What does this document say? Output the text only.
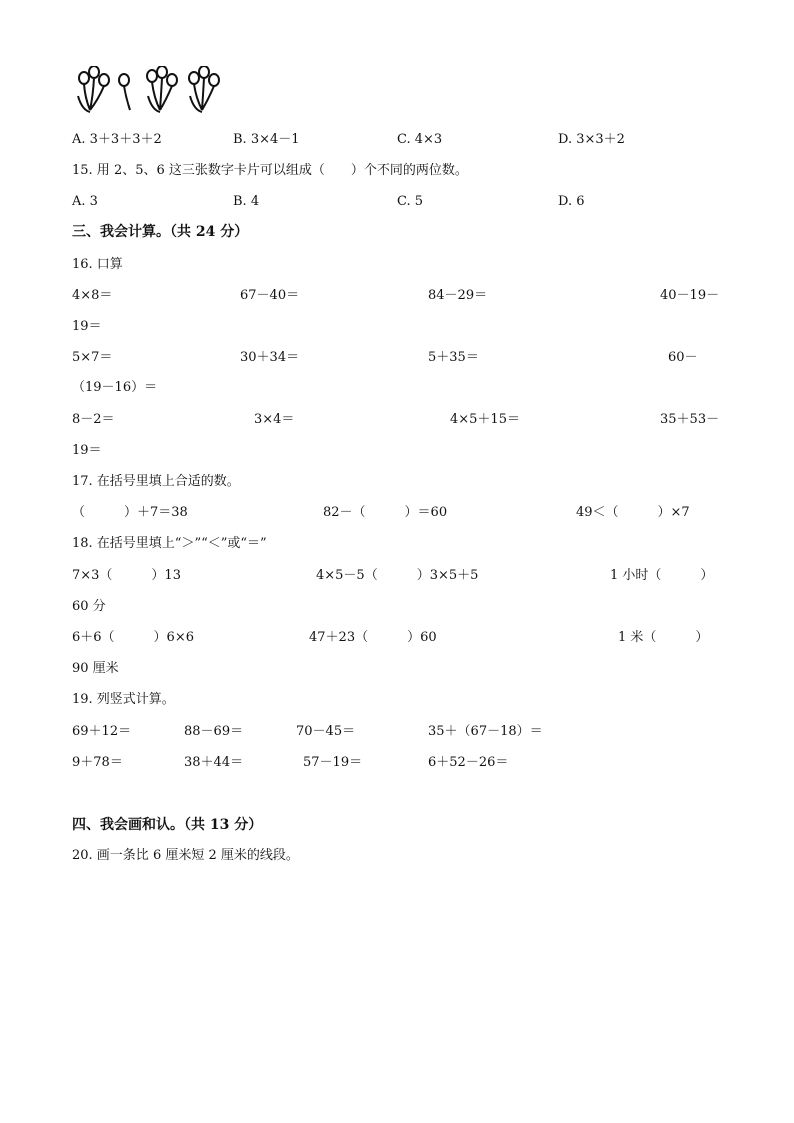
A. 3＋3＋3＋2	B. 3×4－1	C. 4×3	D. 3×3＋2
15. 用 2、5、6 这三张数字卡片可以组成（　　）个不同的两位数。
A. 3	B. 4	C. 5	D. 6
三、我会计算。（共 24 分）
16. 口算
4×8＝	67－40＝	84－29＝	40－19－
19＝
5×7＝	30＋34＝	5＋35＝	60－
（19－16）＝
8－2＝	3×4＝	4×5＋15＝	35＋53－
19＝
17. 在括号里填上合适的数。
（　　　）＋7＝38	82－（　　　）＝60	49＜（　　　）×7
18. 在括号里填上“＞”“＜”或“＝”
7×3（　　　）13	4×5－5（　　　）3×5＋5	1 小时（　　　）
60 分
6＋6（　　　）6×6	47＋23（　　　）60	1 米（　　　）
90 厘米
19. 列竖式计算。
69＋12＝	88－69＝	70－45＝	35＋（67－18）＝
9＋78＝	38＋44＝	57－19＝	6＋52－26＝
四、我会画和认。（共 13 分）
20. 画一条比 6 厘米短 2 厘米的线段。
